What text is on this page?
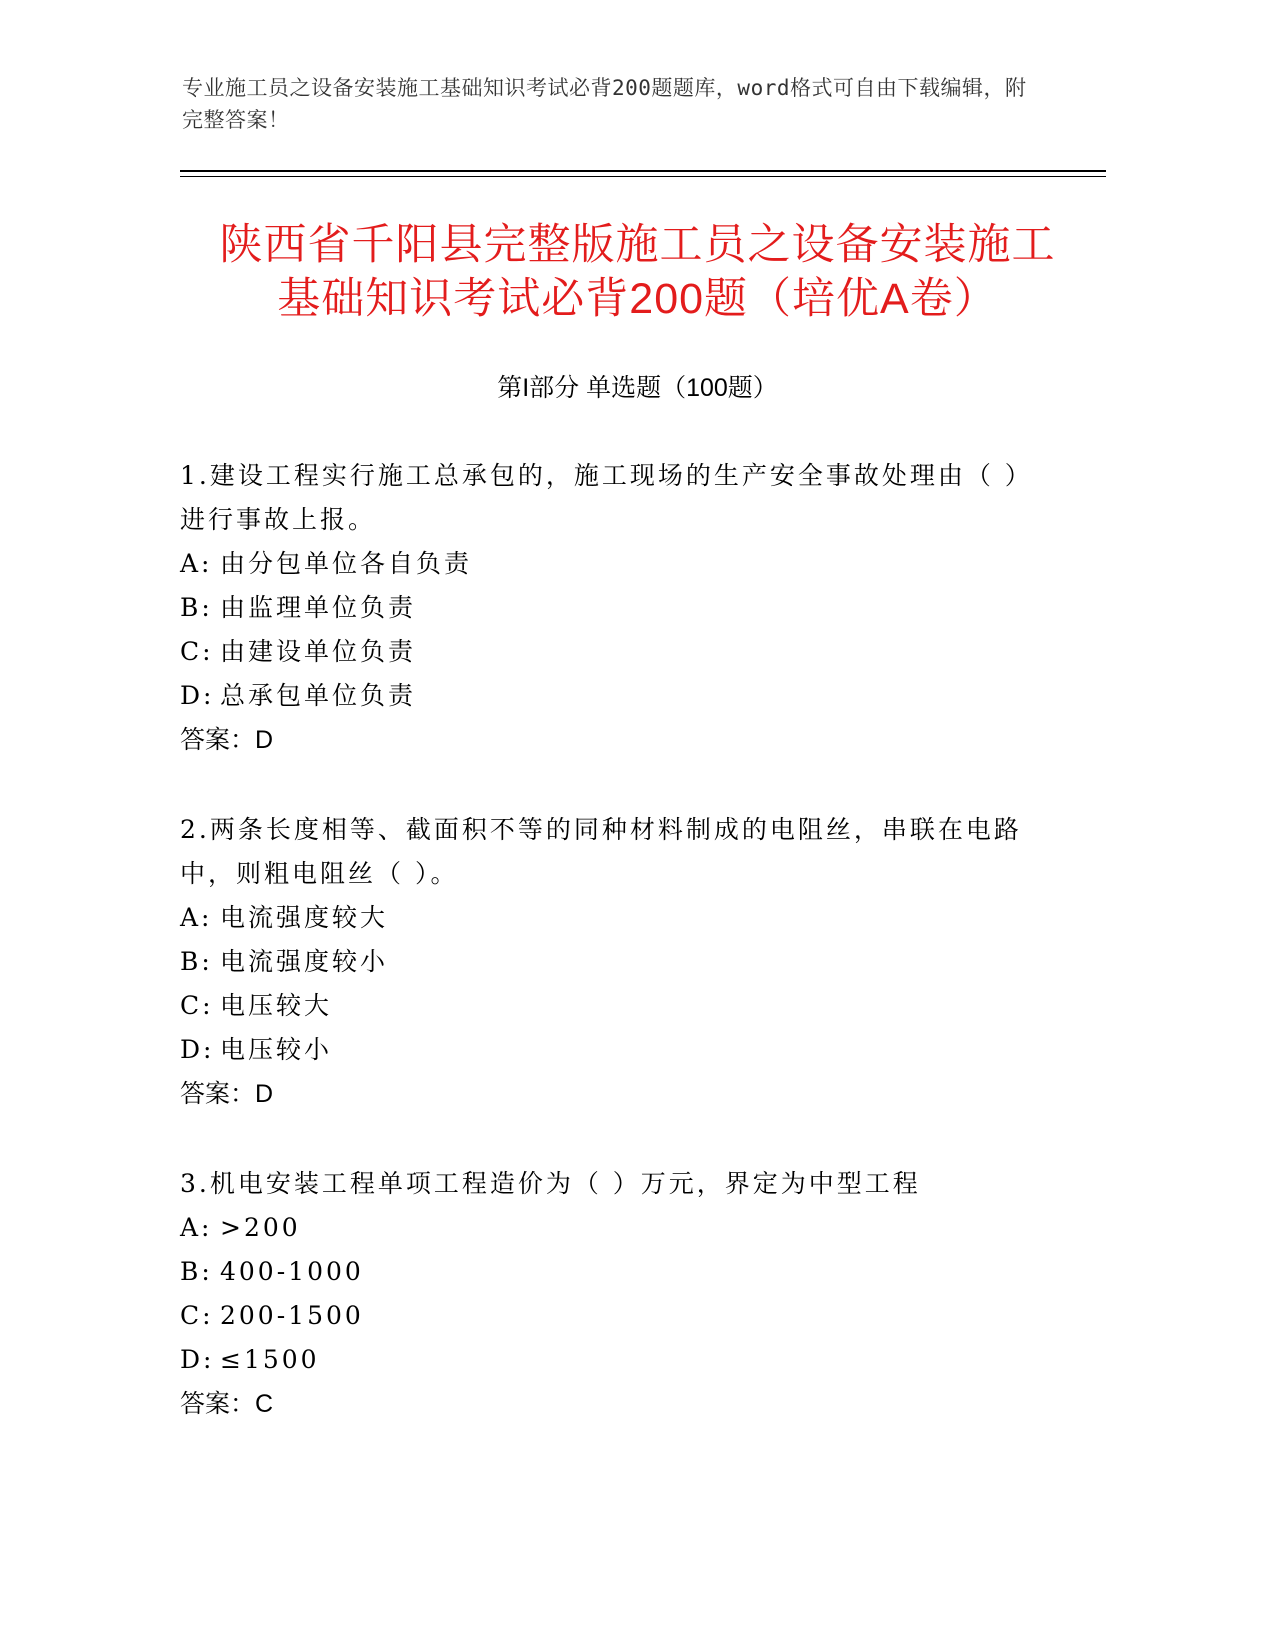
专业施工员之设备安装施工基础知识考试必背200题题库，word格式可自由下载编辑，附完整答案！
陕西省千阳县完整版施工员之设备安装施工
基础知识考试必背200题（培优A卷）
第I部分 单选题（100题）

1.建设工程实行施工总承包的，施工现场的生产安全事故处理由（ ）进行事故上报。

A: 由分包单位各自负责

B: 由监理单位负责

C: 由建设单位负责

D: 总承包单位负责

答案：D

2.两条长度相等、截面积不等的同种材料制成的电阻丝，串联在电路中，则粗电阻丝（ ）。

A: 电流强度较大

B: 电流强度较小

C: 电压较大

D: 电压较小

答案：D

3.机电安装工程单项工程造价为（ ）万元，界定为中型工程

A: >200

B: 400-1000

C: 200-1500

D: ≤1500

答案：C
